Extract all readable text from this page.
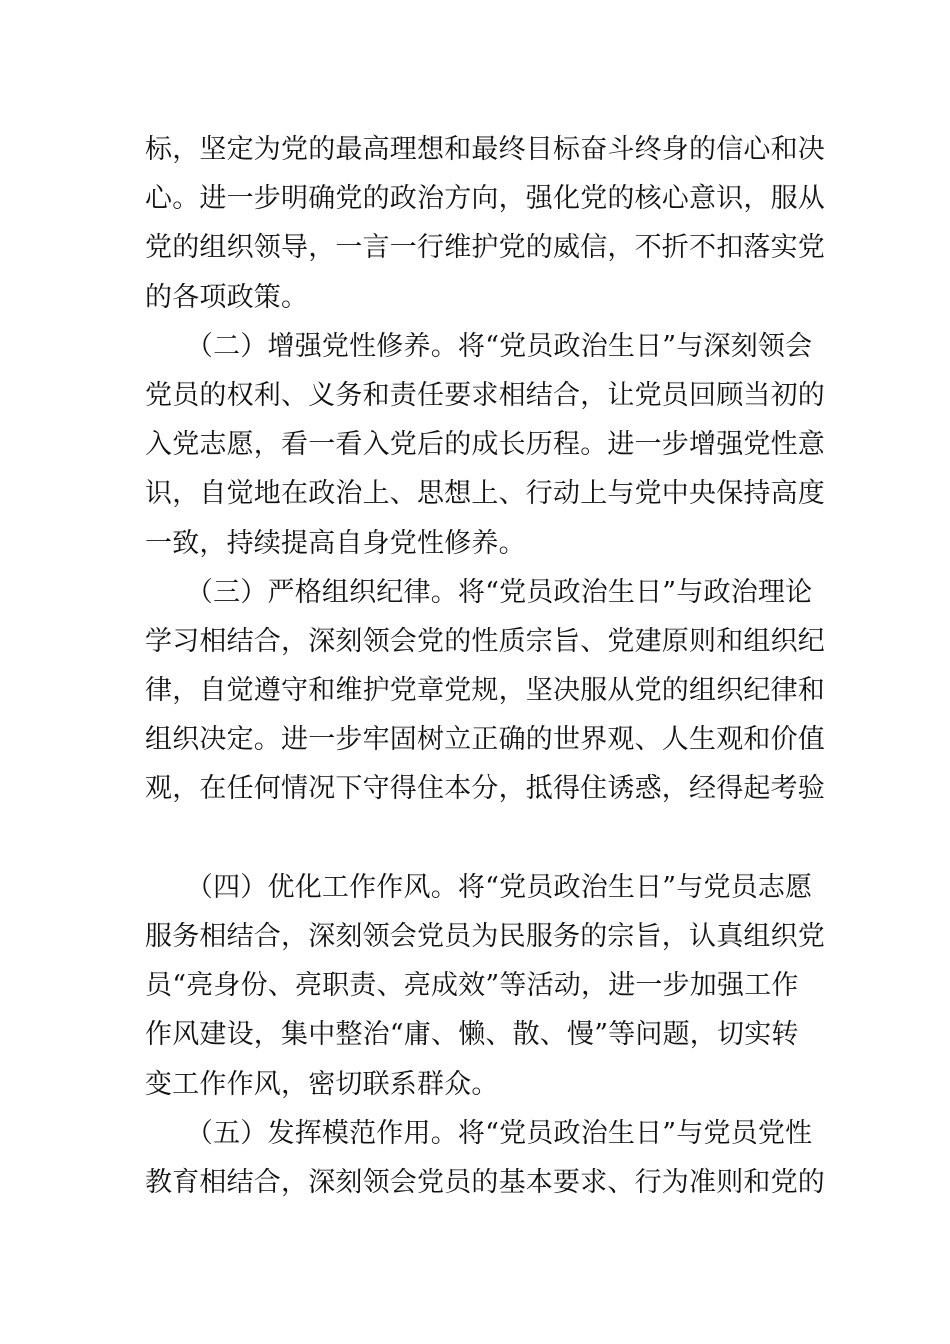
标，坚定为党的最高理想和最终目标奋斗终身的信心和决
心。进一步明确党的政治方向，强化党的核心意识，服从
党的组织领导，一言一行维护党的威信，不折不扣落实党
的各项政策。
　　（二）增强党性修养。将“党员政治生日”与深刻领会
党员的权利、义务和责任要求相结合，让党员回顾当初的
入党志愿，看一看入党后的成长历程。进一步增强党性意
识，自觉地在政治上、思想上、行动上与党中央保持高度
一致，持续提高自身党性修养。
　　（三）严格组织纪律。将“党员政治生日”与政治理论
学习相结合，深刻领会党的性质宗旨、党建原则和组织纪
律，自觉遵守和维护党章党规，坚决服从党的组织纪律和
组织决定。进一步牢固树立正确的世界观、人生观和价值
观，在任何情况下守得住本分，抵得住诱惑，经得起考验
　　（四）优化工作作风。将“党员政治生日”与党员志愿
服务相结合，深刻领会党员为民服务的宗旨，认真组织党
员“亮身份、亮职责、亮成效”等活动，进一步加强工作
作风建设，集中整治“庸、懒、散、慢”等问题，切实转
变工作作风，密切联系群众。
　　（五）发挥模范作用。将“党员政治生日”与党员党性
教育相结合，深刻领会党员的基本要求、行为准则和党的
